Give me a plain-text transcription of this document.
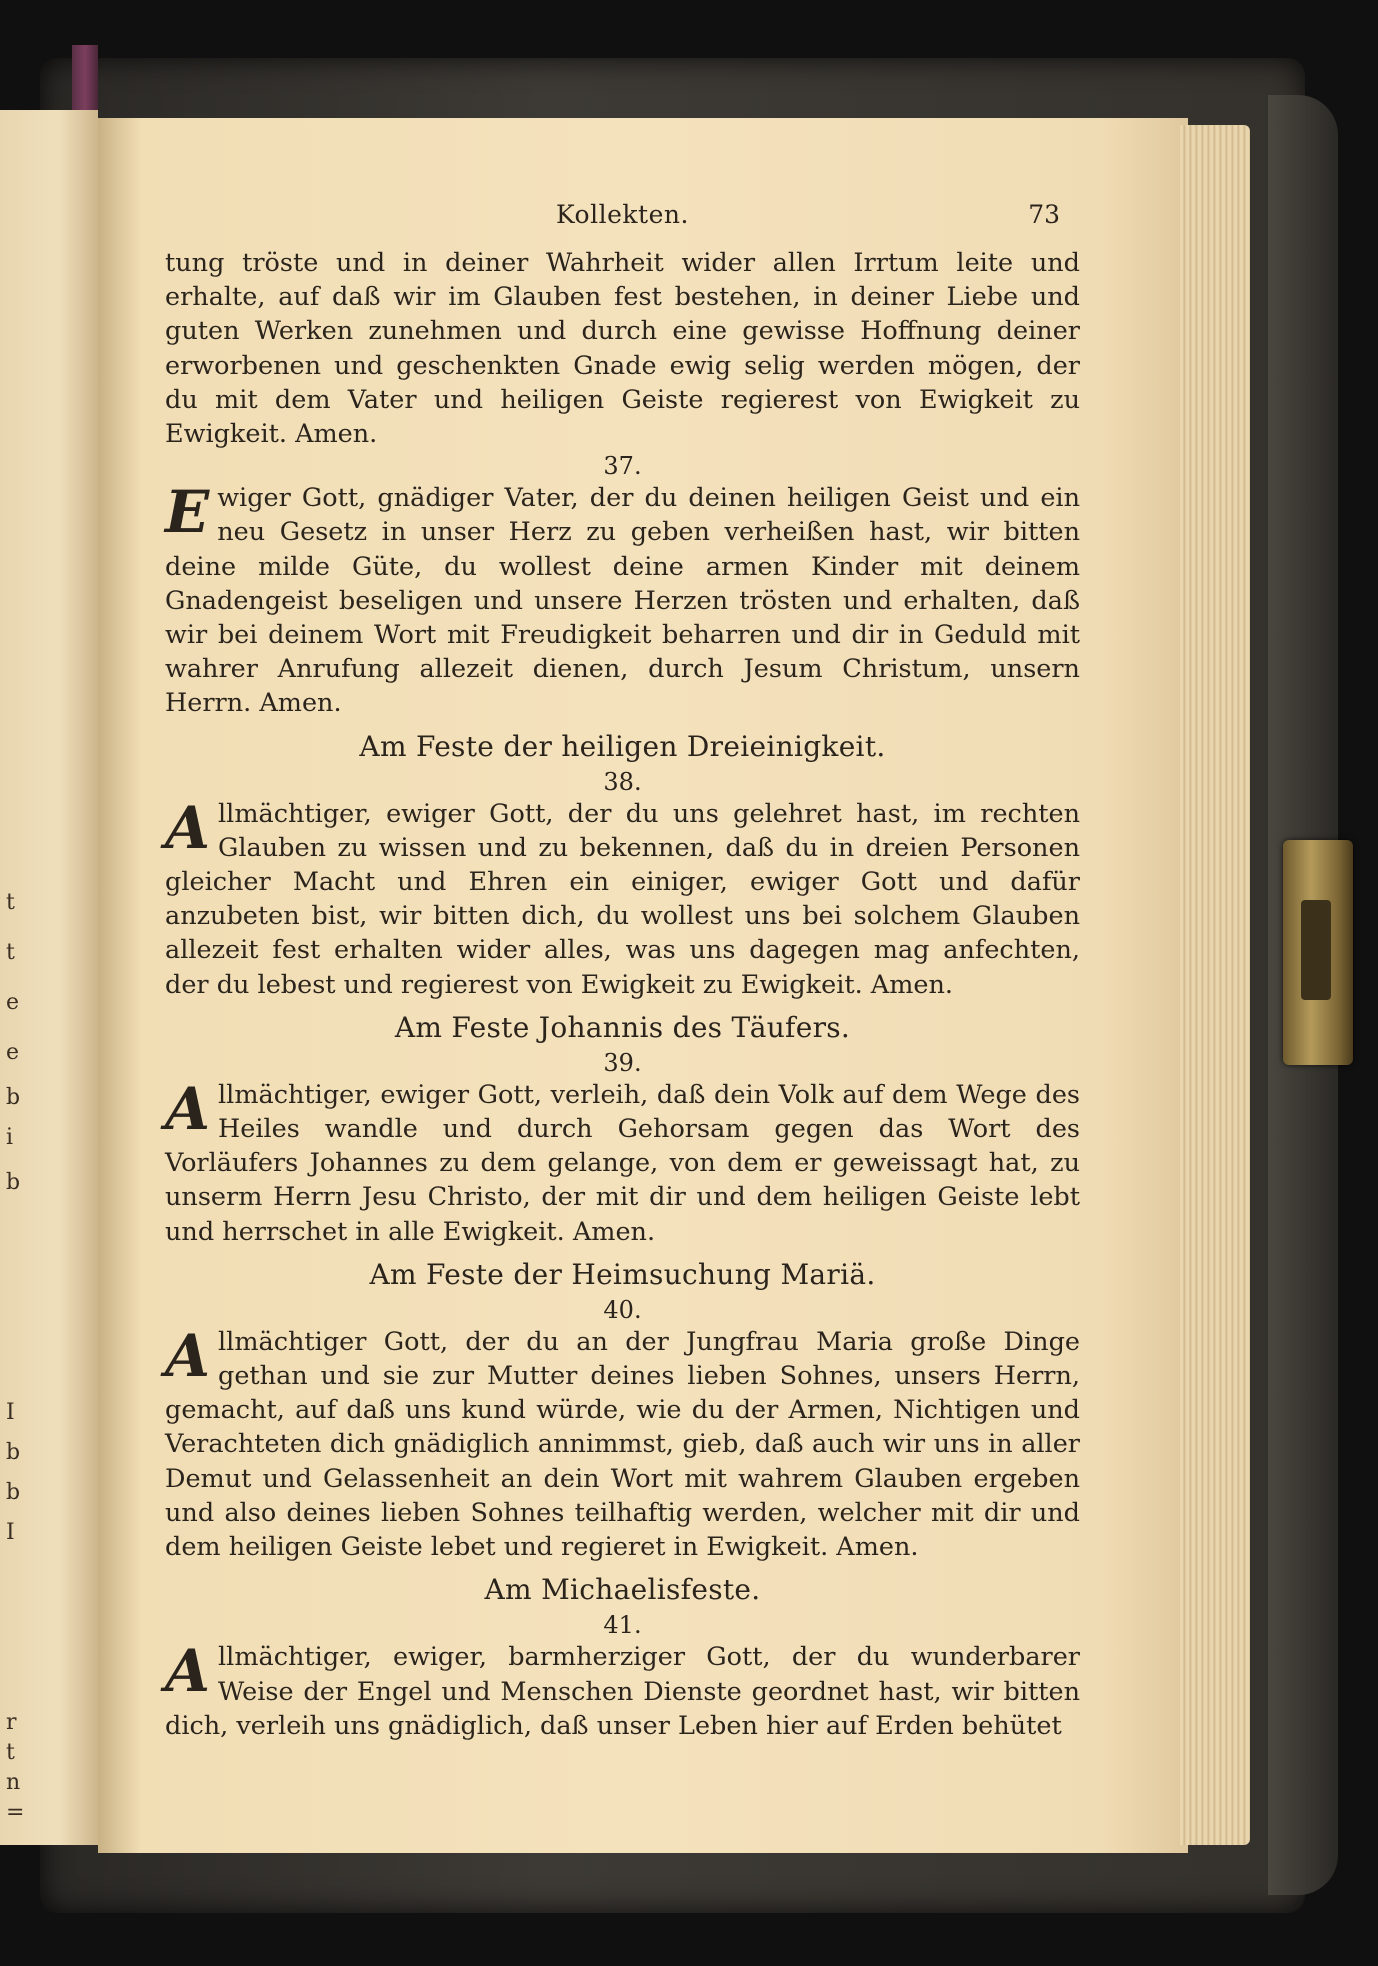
t
t
e
e
b
i
b
I
b
b
I
r
t
n
=
Kollekten.	73

tung tröste und in deiner Wahrheit wider allen Irrtum leite und erhalte, auf daß wir im Glauben fest bestehen, in deiner Liebe und guten Werken zunehmen und durch eine gewisse Hoffnung deiner erworbenen und geschenkten Gnade ewig selig werden mögen, der du mit dem Vater und heiligen Geiste regierest von Ewigkeit zu Ewigkeit. Amen.

37.

Ewiger Gott, gnädiger Vater, der du deinen heiligen Geist und ein neu Gesetz in unser Herz zu geben verheißen hast, wir bitten deine milde Güte, du wollest deine armen Kinder mit deinem Gnadengeist beseligen und unsere Herzen trösten und erhalten, daß wir bei deinem Wort mit Freudigkeit beharren und dir in Geduld mit wahrer Anrufung allezeit dienen, durch Jesum Christum, unsern Herrn. Amen.

Am Feste der heiligen Dreieinigkeit.

38.

Allmächtiger, ewiger Gott, der du uns gelehret hast, im rechten Glauben zu wissen und zu bekennen, daß du in dreien Personen gleicher Macht und Ehren ein einiger, ewiger Gott und dafür anzubeten bist, wir bitten dich, du wollest uns bei solchem Glauben allezeit fest erhalten wider alles, was uns dagegen mag anfechten, der du lebest und regierest von Ewigkeit zu Ewigkeit. Amen.

Am Feste Johannis des Täufers.

39.

Allmächtiger, ewiger Gott, verleih, daß dein Volk auf dem Wege des Heiles wandle und durch Gehorsam gegen das Wort des Vorläufers Johannes zu dem gelange, von dem er geweissagt hat, zu unserm Herrn Jesu Christo, der mit dir und dem heiligen Geiste lebt und herrschet in alle Ewigkeit. Amen.

Am Feste der Heimsuchung Mariä.

40.

Allmächtiger Gott, der du an der Jungfrau Maria große Dinge gethan und sie zur Mutter deines lieben Sohnes, unsers Herrn, gemacht, auf daß uns kund würde, wie du der Armen, Nichtigen und Verachteten dich gnädiglich annimmst, gieb, daß auch wir uns in aller Demut und Gelassenheit an dein Wort mit wahrem Glauben ergeben und also deines lieben Sohnes teilhaftig werden, welcher mit dir und dem heiligen Geiste lebet und regieret in Ewigkeit. Amen.

Am Michaelisfeste.

41.

Allmächtiger, ewiger, barmherziger Gott, der du wunderbarer Weise der Engel und Menschen Dienste geordnet hast, wir bitten dich, verleih uns gnädiglich, daß unser Leben hier auf Erden behütet
